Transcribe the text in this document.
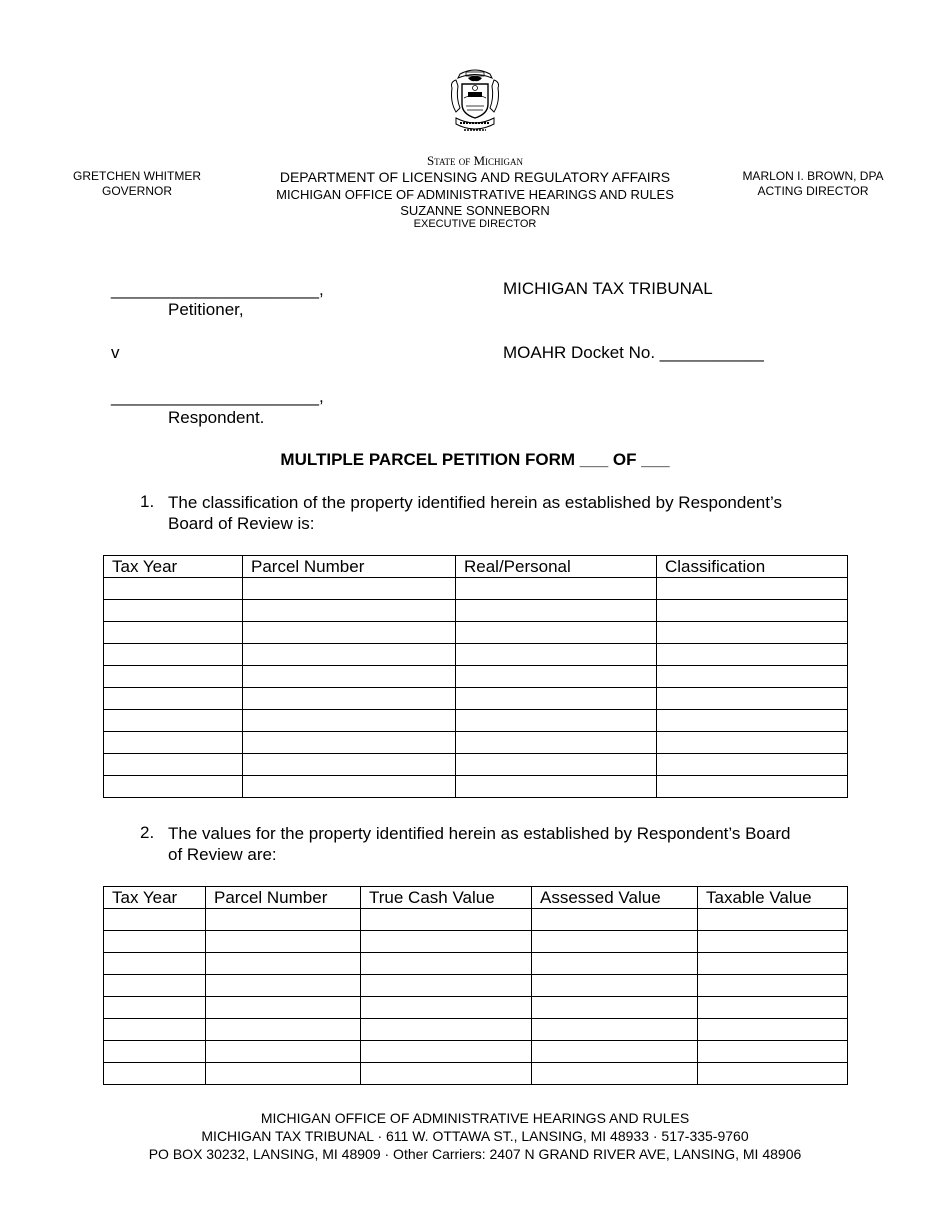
State of Michigan
DEPARTMENT OF LICENSING AND REGULATORY AFFAIRS
MICHIGAN OFFICE OF ADMINISTRATIVE HEARINGS AND RULES
SUZANNE SONNEBORN
EXECUTIVE DIRECTOR
GRETCHEN WHITMER
GOVERNOR
MARLON I. BROWN, DPA
ACTING DIRECTOR
______________________,
Petitioner,
v
______________________,
Respondent.
MICHIGAN TAX TRIBUNAL
MOAHR Docket No. ___________
MULTIPLE PARCEL PETITION FORM ___ OF ___
1. The classification of the property identified herein as established by Respondent’s Board of Review is:
Tax Year	Parcel Number	Real/Personal	Classification

2. The values for the property identified herein as established by Respondent’s Board of Review are:
Tax Year	Parcel Number	True Cash Value	Assessed Value	Taxable Value

MICHIGAN OFFICE OF ADMINISTRATIVE HEARINGS AND RULES
MICHIGAN TAX TRIBUNAL · 611 W. OTTAWA ST., LANSING, MI 48933 · 517-335-9760
PO BOX 30232, LANSING, MI 48909 · Other Carriers: 2407 N GRAND RIVER AVE, LANSING, MI 48906
